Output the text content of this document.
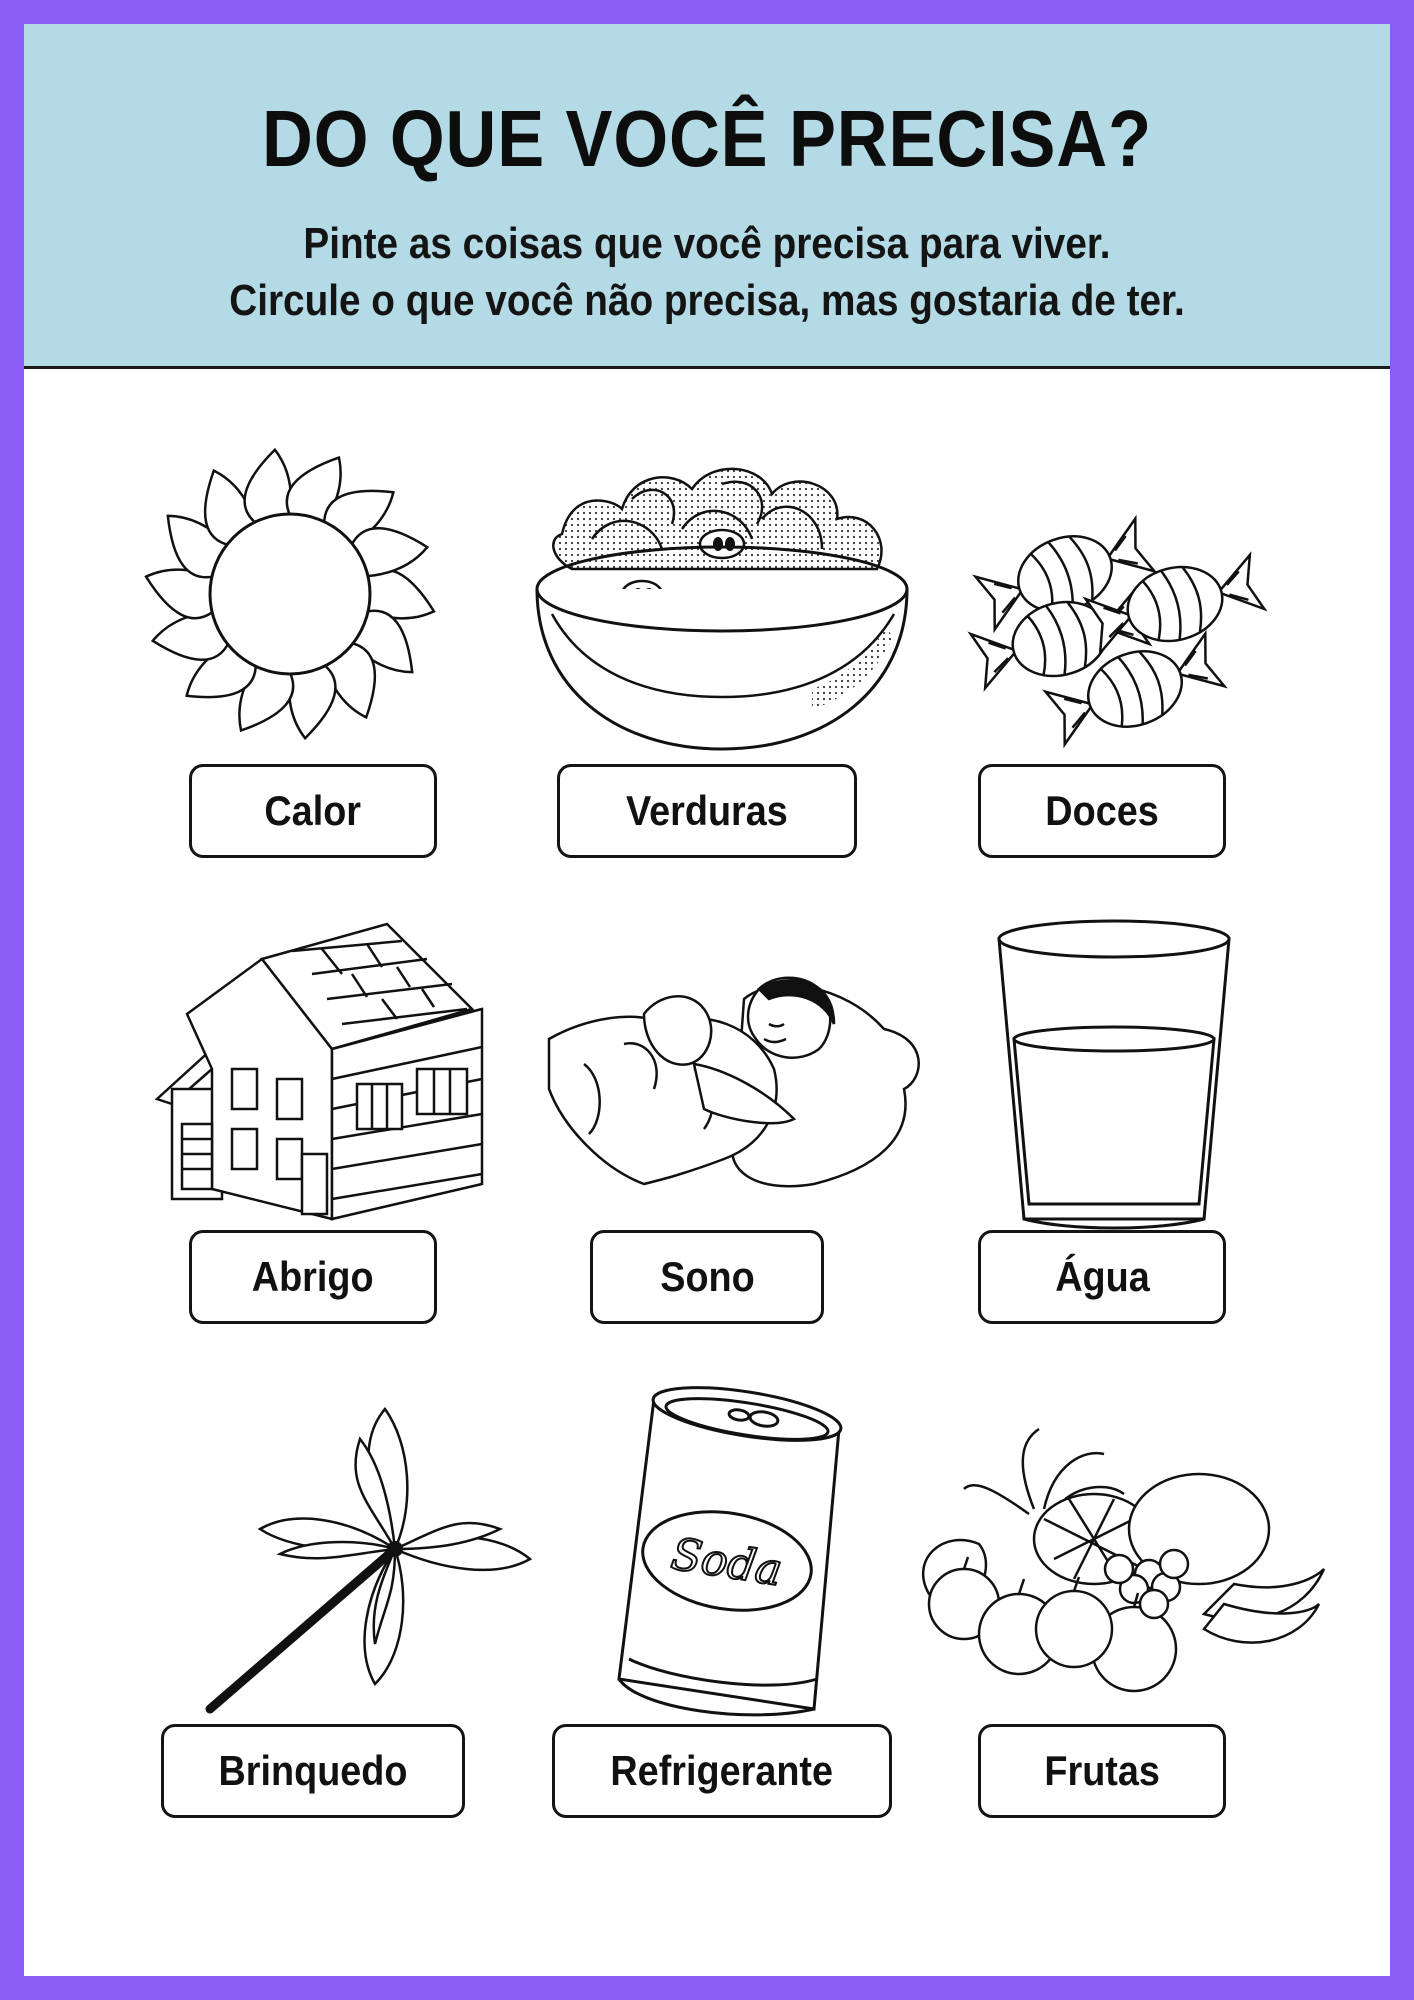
DO QUE VOCÊ PRECISA?
Pinte as coisas que você precisa para viver.
Circule o que você não precisa, mas gostaria de ter.
Soda
Calor	Verduras	Doces
Abrigo	Sono	Água
Brinquedo	Refrigerante	Frutas
